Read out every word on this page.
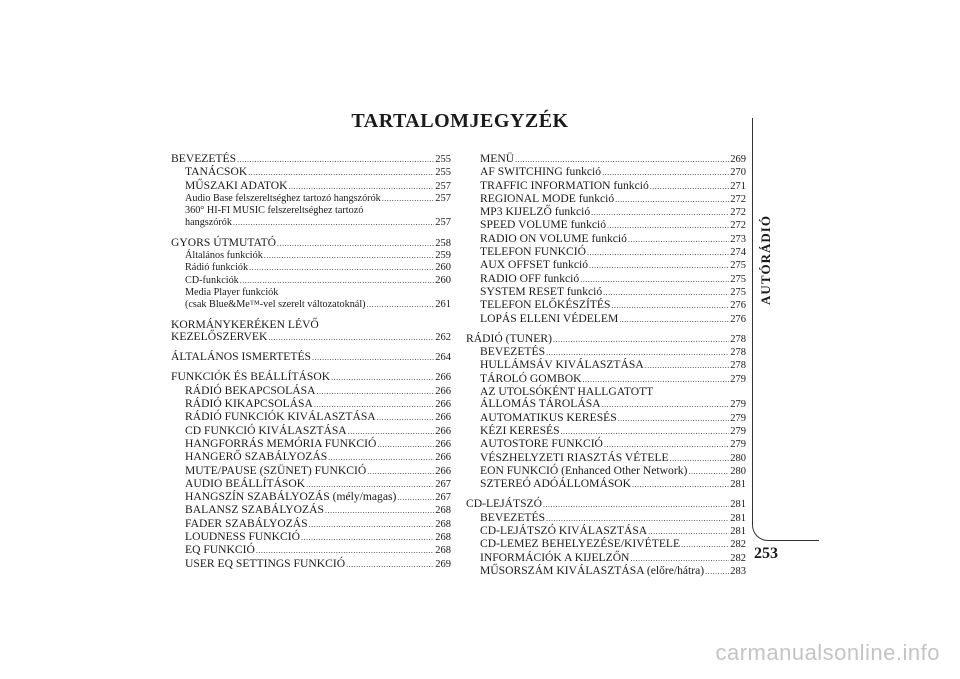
TARTALOMJEGYZÉK
BEVEZETÉS .....	255
TANÁCSOK .....	255
MŰSZAKI ADATOK .....	257
Audio Base felszereltséghez tartozó hangszórók .....	257
360° HI-FI MUSIC felszereltséghez tartozó
hangszórók .....	257
GYORS ÚTMUTATÓ .....	258
Általános funkciók .....	259
Rádió funkciók .....	260
CD-funkciók .....	260
Media Player funkciók
(csak Blue&Me™-vel szerelt változatoknál) .....	261
KORMÁNYKERÉKEN LÉVŐ
KEZELŐSZERVEK .....	262
ÁLTALÁNOS ISMERTETÉS .....	264
FUNKCIÓK ÉS BEÁLLÍTÁSOK .....	266
RÁDIÓ BEKAPCSOLÁSA .....	266
RÁDIÓ KIKAPCSOLÁSA .....	266
RÁDIÓ FUNKCIÓK KIVÁLASZTÁSA .....	266
CD FUNKCIÓ KIVÁLASZTÁSA .....	266
HANGFORRÁS MEMÓRIA FUNKCIÓ .....	266
HANGERŐ SZABÁLYOZÁS .....	266
MUTE/PAUSE (SZÜNET) FUNKCIÓ .....	266
AUDIO BEÁLLÍTÁSOK .....	267
HANGSZÍN SZABÁLYOZÁS (mély/magas) .....	267
BALANSZ SZABÁLYOZÁS .....	268
FADER SZABÁLYOZÁS .....	268
LOUDNESS FUNKCIÓ .....	268
EQ FUNKCIÓ .....	268
USER EQ SETTINGS FUNKCIÓ .....	269
MENÜ .....	269
AF SWITCHING funkció .....	270
TRAFFIC INFORMATION funkció .....	271
REGIONAL MODE funkció .....	272
MP3 KIJELZŐ funkció .....	272
SPEED VOLUME funkció .....	272
RADIO ON VOLUME funkció .....	273
TELEFON FUNKCIÓ .....	274
AUX OFFSET funkció .....	275
RADIO OFF funkció .....	275
SYSTEM RESET funkció .....	275
TELEFON ELŐKÉSZÍTÉS .....	276
LOPÁS ELLENI VÉDELEM .....	276
RÁDIÓ (TUNER) .....	278
BEVEZETÉS .....	278
HULLÁMSÁV KIVÁLASZTÁSA .....	278
TÁROLÓ GOMBOK .....	279
AZ UTOLSÓKÉNT HALLGATOTT
ÁLLOMÁS TÁROLÁSA .....	279
AUTOMATIKUS KERESÉS .....	279
KÉZI KERESÉS .....	279
AUTOSTORE FUNKCIÓ .....	279
VÉSZHELYZETI RIASZTÁS VÉTELE .....	280
EON FUNKCIÓ (Enhanced Other Network) .....	280
SZTEREÓ ADÓÁLLOMÁSOK .....	281
CD-LEJÁTSZÓ .....	281
BEVEZETÉS .....	281
CD-LEJÁTSZÓ KIVÁLASZTÁSA .....	281
CD-LEMEZ BEHELYEZÉSE/KIVÉTELE .....	282
INFORMÁCIÓK A KIJELZŐN .....	282
MŰSORSZÁM KIVÁLASZTÁSA (előre/hátra) ..... 283
AUTÓRÁDIÓ
253
carmanualsonline.info
